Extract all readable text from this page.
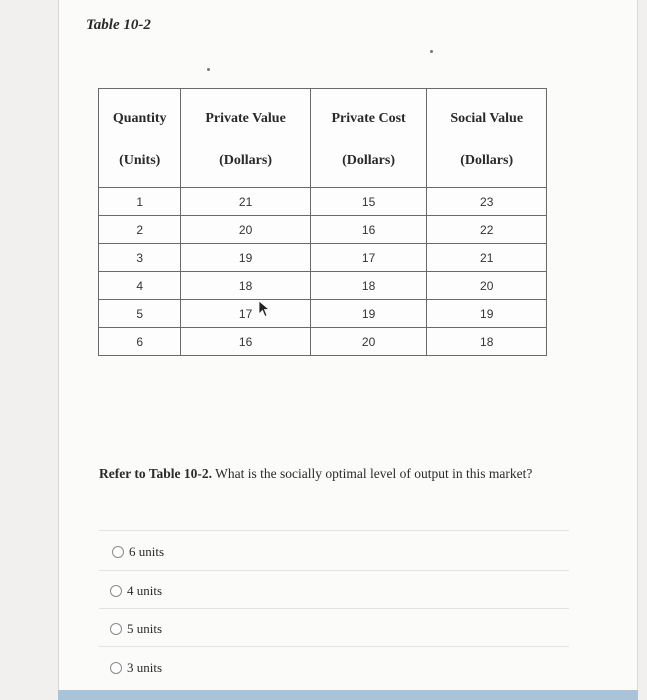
Table 10-2
Quantity	Private Value	Private Cost	Social Value
(Units)	(Dollars)	(Dollars)	(Dollars)
1	21	15	23
2	20	16	22
3	19	17	21
4	18	18	20
5	17	19	19
6	16	20	18
Refer to Table 10-2. What is the socially optimal level of output in this market?
6 units
4 units
5 units
3 units
